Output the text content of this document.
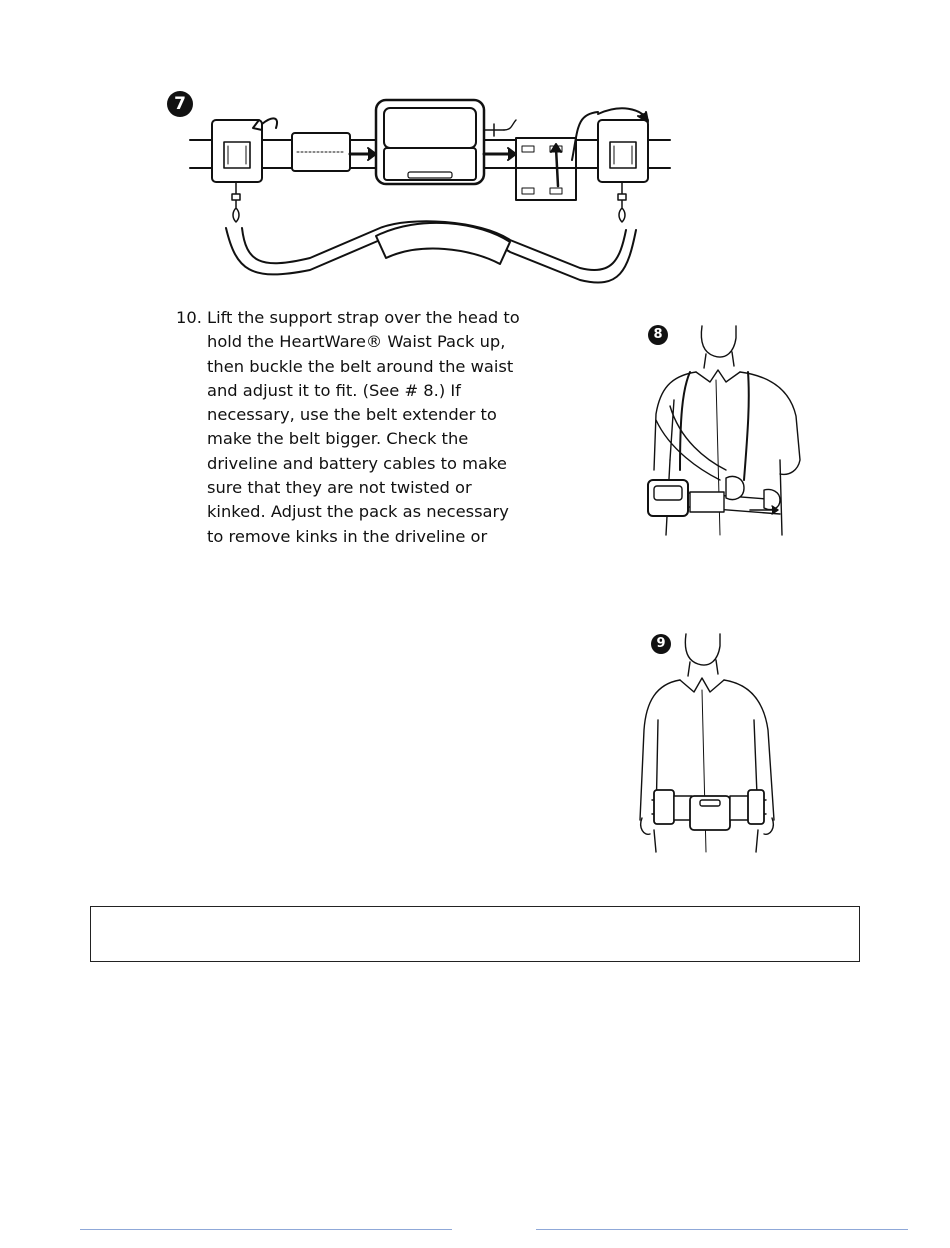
7
10. Lift the support strap over the head to hold the HeartWare® Waist Pack up, then buckle the belt around the waist and adjust it to fit. (See # 8.) If necessary, use the belt extender to make the belt bigger. Check the driveline and battery cables to make sure that they are not twisted or kinked. Adjust the pack as necessary to remove kinks in the driveline or
8
9
